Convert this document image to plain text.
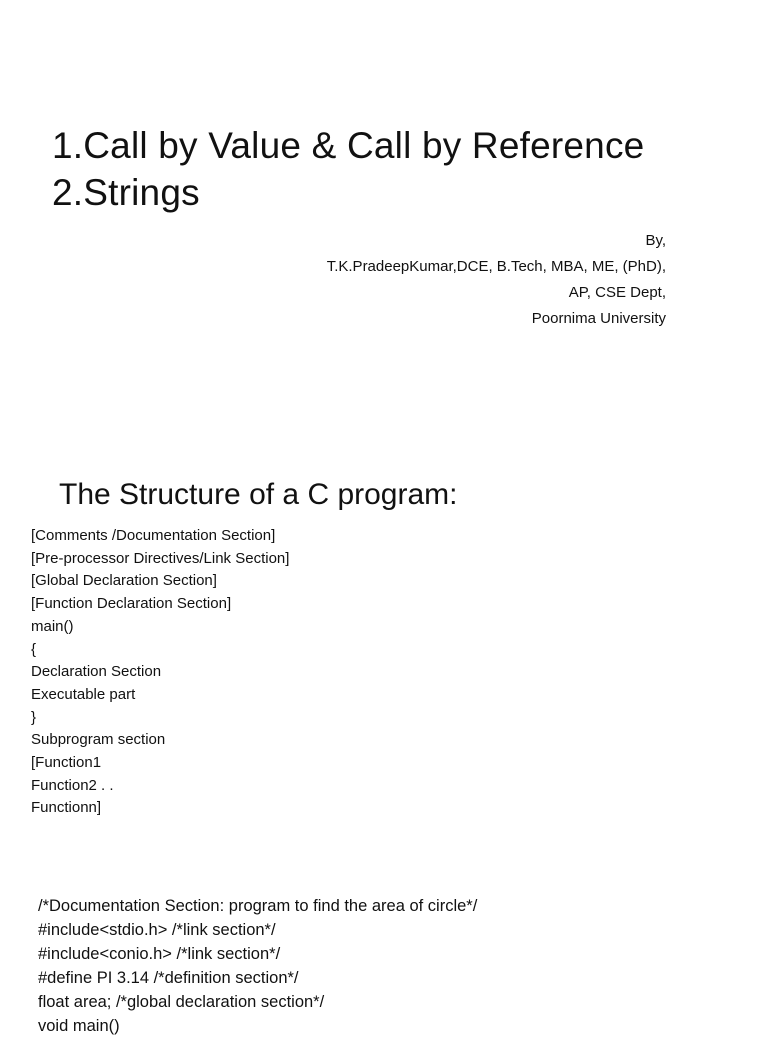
1.Call by Value & Call by Reference
2.Strings
By,
T.K.PradeepKumar,DCE, B.Tech, MBA, ME, (PhD),
AP, CSE Dept,
Poornima University
The Structure of a C program:
[Comments /Documentation Section]
[Pre-processor Directives/Link Section]
[Global Declaration Section]
[Function Declaration Section]
main()
{
Declaration Section
Executable part
}
Subprogram section
[Function1
Function2 . .
Functionn]
/*Documentation Section: program to find the area of circle*/
#include<stdio.h> /*link section*/
#include<conio.h> /*link section*/
#define PI 3.14 /*definition section*/
float area; /*global declaration section*/
void main()
